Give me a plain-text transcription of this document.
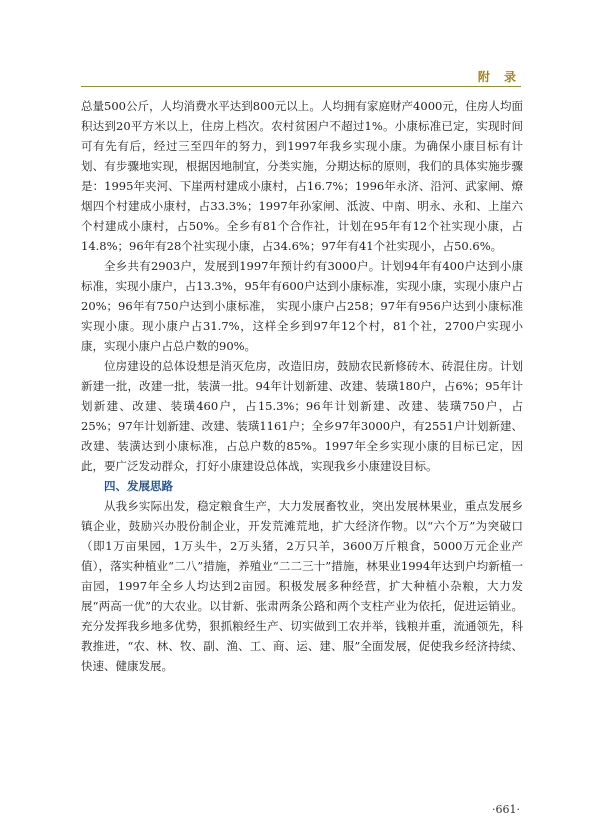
附 录

总量500公斤，人均消费水平达到800元以上。人均拥有家庭财产4000元，住房人均面积达到20平方米以上，住房上档次。农村贫困户不超过1%。小康标准已定，实现时间可有先有后，经过三至四年的努力，到1997年我乡实现小康。为确保小康目标有计划、有步骤地实现，根据因地制宜，分类实施，分期达标的原则，我们的具体实施步骤是：1995年夹河、下崖两村建成小康村，占16.7%；1996年永济、沿河、武家闸、燎烟四个村建成小康村，占33.3%；1997年孙家闸、泜波、中南、明永、永和、上崖六个村建成小康村，占50%。全乡有81个合作社，计划在95年有12个社实现小康，占14.8%；96年有28个社实现小康，占34.6%；97年有41个社实现小，占50.6%。

全乡共有2903户，发展到1997年预计约有3000户。计划94年有400户达到小康标准，实现小康户，占13.3%，95年有600户达到小康标准，实现小康，实现小康户占20%；96年有750户达到小康标准， 实现小康户占258；97年有956户达到小康标准实现小康。现小康户占31.7%，这样全乡到97年12个村，81个社，2700户实现小康，实现小康户占总户数的90%。

位房建设的总体设想是消灭危房，改造旧房，鼓励农民新修砖木、砖混住房。计划新建一批，改建一批，装潢一批。94年计划新建、改建、装璜180户，占6%；95年计划新建、改建、装璜460户，占15.3%；96年计划新建、改建、装璜750户，占25%；97年计划新建、改建、装璜1161户；全乡97年3000户，有2551户计划新建、改建、装潢达到小康标准，占总户数的85%。1997年全乡实现小康的目标已定，因此，要广泛发动群众，打好小康建设总体战，实现我乡小康建设目标。

四、发展思路

从我乡实际出发，稳定粮食生产，大力发展畜牧业，突出发展林果业，重点发展乡镇企业，鼓励兴办股份制企业，开发荒滩荒地，扩大经济作物。以“六个万”为突破口（即1万亩果园，1万头牛，2万头猪，2万只羊，3600万斤粮食，5000万元企业产值），落实种植业“二八”措施，养殖业“二二三十”措施，林果业1994年达到户均新植一亩园，1997年全乡人均达到2亩园。积极发展多种经营，扩大种植小杂粮，大力发展“两高一优”的大农业。以甘新、张肃两条公路和两个支柱产业为依托，促进运销业。充分发挥我乡地多优势，狠抓粮经生产、切实做到工农并举，钱粮并重，流通领先，科教推进，“农、林、牧、副、渔、工、商、运、建、服”全面发展，促使我乡经济持续、快速、健康发展。

·661·
